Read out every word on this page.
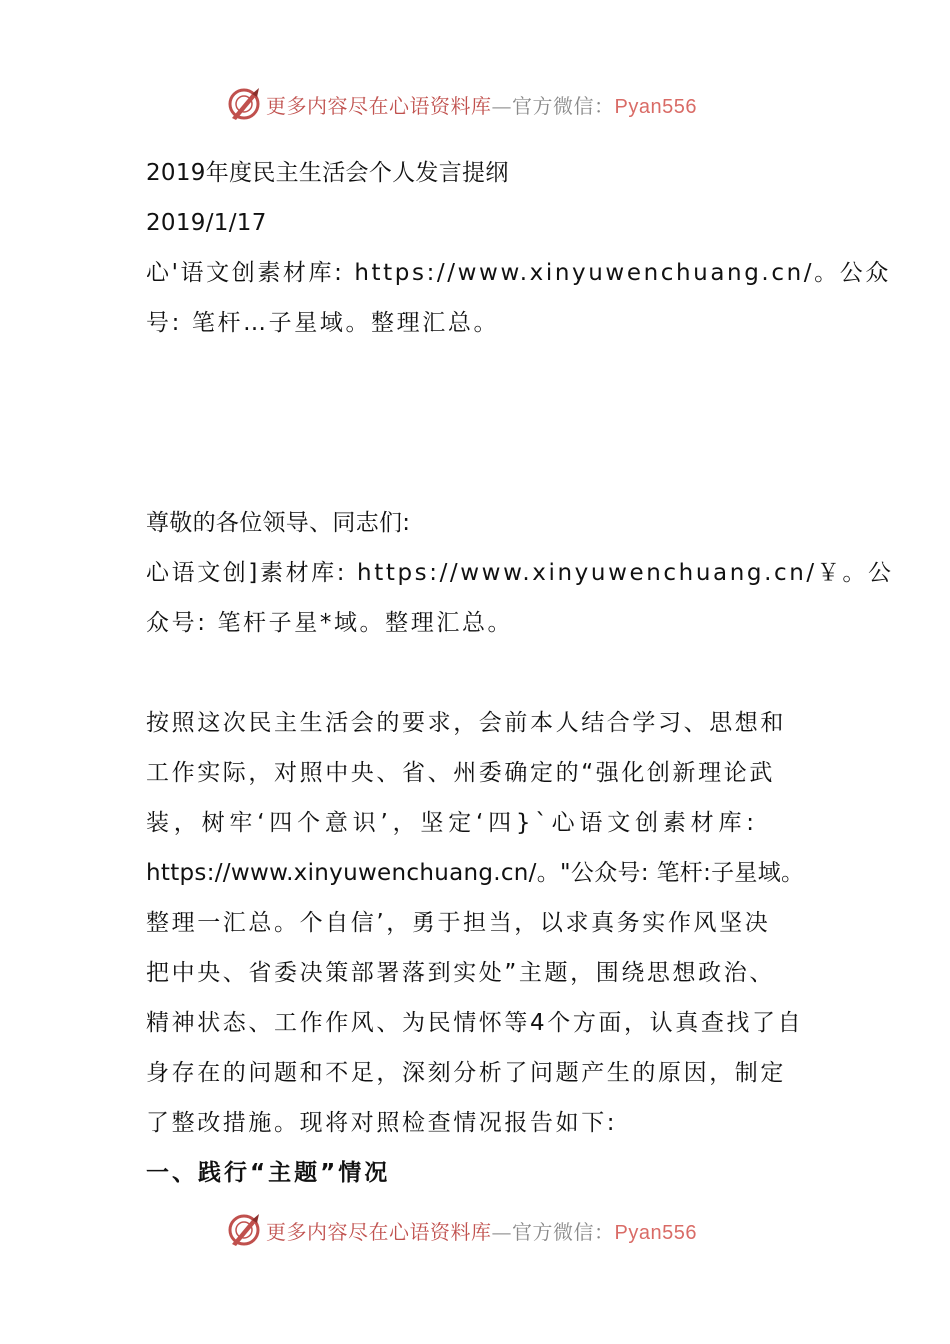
更多内容尽在心语资料库—官方微信：Pyan556
2019年度民主生活会个人发言提纲
2019/1/17
心'语文创素材库: https://www.xinyuwenchuang.cn/。公众
号: 笔杆…子星域。整理汇总。
尊敬的各位领导、同志们:
心语文创]素材库: https://www.xinyuwenchuang.cn/￥。公
众号: 笔杆子星*域。整理汇总。
按照这次民主生活会的要求，会前本人结合学习、思想和
工作实际，对照中央、省、州委确定的“强化创新理论武
装，树牢‘四个意识’，坚定‘四}`心语文创素材库:
https://www.xinyuwenchuang.cn/。"公众号: 笔杆:子星域。
整理一汇总。个自信’，勇于担当，以求真务实作风坚决
把中央、省委决策部署落到实处”主题，围绕思想政治、
精神状态、工作作风、为民情怀等4个方面，认真查找了自
身存在的问题和不足，深刻分析了问题产生的原因，制定
了整改措施。现将对照检查情况报告如下:
一、践行“主题”情况
更多内容尽在心语资料库—官方微信：Pyan556
